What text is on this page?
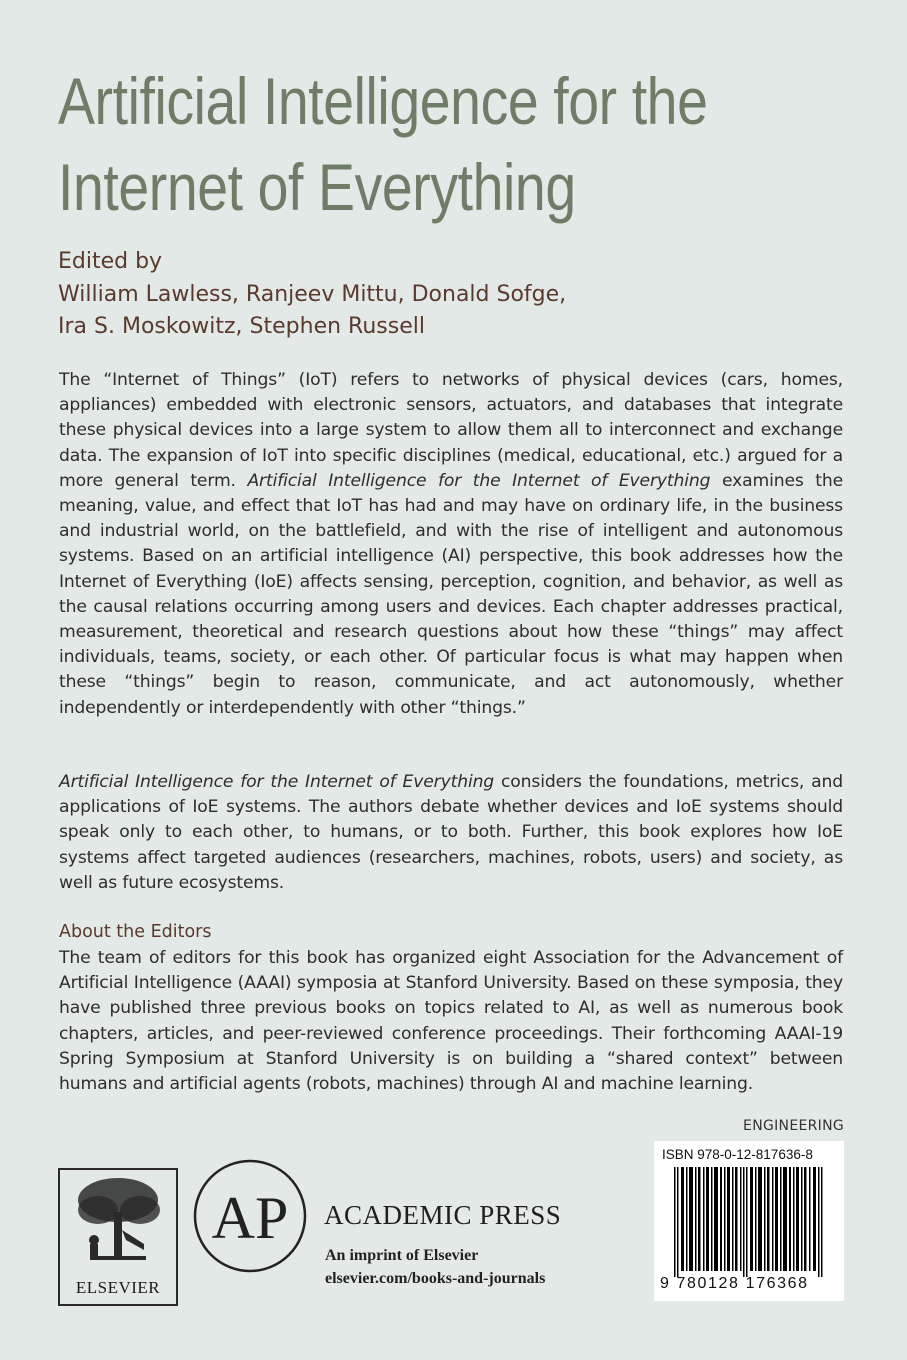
Artificial Intelligence for the
Internet of Everything
Edited by
William Lawless, Ranjeev Mittu, Donald Sofge,
Ira S. Moskowitz, Stephen Russell
The “Internet of Things” (IoT) refers to networks of physical devices (cars, homes, appliances) embedded with electronic sensors, actuators, and databases that integrate these physical devices into a large system to allow them all to interconnect and exchange data. The expansion of IoT into specific disciplines (medical, educational, etc.) argued for a more general term. Artificial Intelligence for the Internet of Everything examines the meaning, value, and effect that IoT has had and may have on ordinary life, in the business and industrial world, on the battlefield, and with the rise of intelligent and autonomous systems. Based on an artificial intelligence (AI) perspective, this book addresses how the Internet of Everything (IoE) affects sensing, perception, cognition, and behavior, as well as the causal relations occurring among users and devices. Each chapter addresses practical, measurement, theoretical and research questions about how these “things” may affect individuals, teams, society, or each other. Of particular focus is what may happen when these “things” begin to reason, communicate, and act autonomously, whether independently or interdependently with other “things.”
Artificial Intelligence for the Internet of Everything considers the foundations, metrics, and applications of IoE systems. The authors debate whether devices and IoE systems should speak only to each other, to humans, or to both. Further, this book explores how IoE systems affect targeted audiences (researchers, machines, robots, users) and society, as well as future ecosystems.
About the Editors
The team of editors for this book has organized eight Association for the Advancement of Artificial Intelligence (AAAI) symposia at Stanford University. Based on these symposia, they have published three previous books on topics related to AI, as well as numerous book chapters, articles, and peer-reviewed conference proceedings. Their forthcoming AAAI-19 Spring Symposium at Stanford University is on building a “shared context” between humans and artificial agents (robots, machines) through AI and machine learning.
ENGINEERING
ISBN 978-0-12-817636-8
9 780128 176368
ELSEVIER
AP ACADEMIC PRESS
An imprint of Elsevier
elsevier.com/books-and-journals
